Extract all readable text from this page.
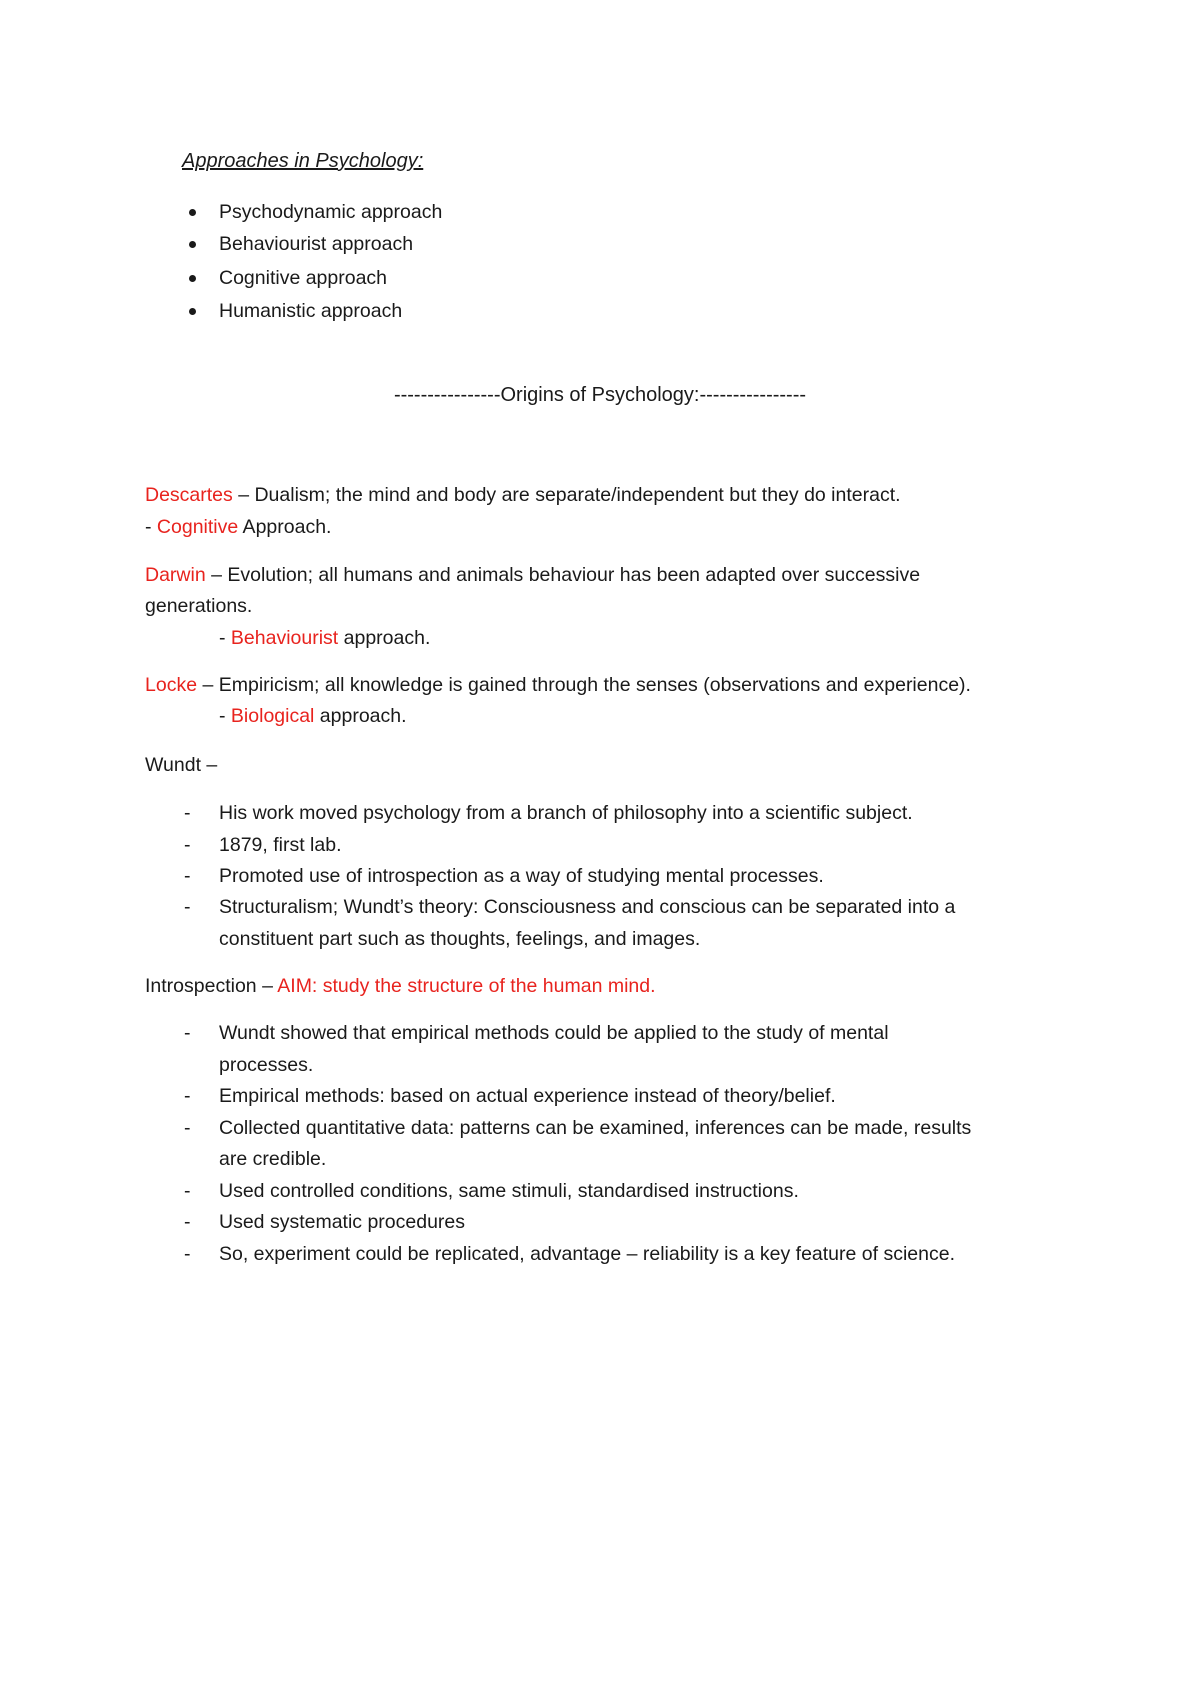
Approaches in Psychology:
Psychodynamic approach
Behaviourist approach
Cognitive approach
Humanistic approach
----------------Origins of Psychology:----------------
Descartes – Dualism; the mind and body are separate/independent but they do interact.
- Cognitive Approach.
Darwin – Evolution; all humans and animals behaviour has been adapted over successive
generations.
- Behaviourist approach.
Locke – Empiricism; all knowledge is gained through the senses (observations and experience).
- Biological approach.
Wundt –
- His work moved psychology from a branch of philosophy into a scientific subject.
- 1879, first lab.
- Promoted use of introspection as a way of studying mental processes.
- Structuralism; Wundt’s theory: Consciousness and conscious can be separated into a
constituent part such as thoughts, feelings, and images.
Introspection – AIM: study the structure of the human mind.
- Wundt showed that empirical methods could be applied to the study of mental
processes.
- Empirical methods: based on actual experience instead of theory/belief.
- Collected quantitative data: patterns can be examined, inferences can be made, results
are credible.
- Used controlled conditions, same stimuli, standardised instructions.
- Used systematic procedures
- So, experiment could be replicated, advantage – reliability is a key feature of science.
